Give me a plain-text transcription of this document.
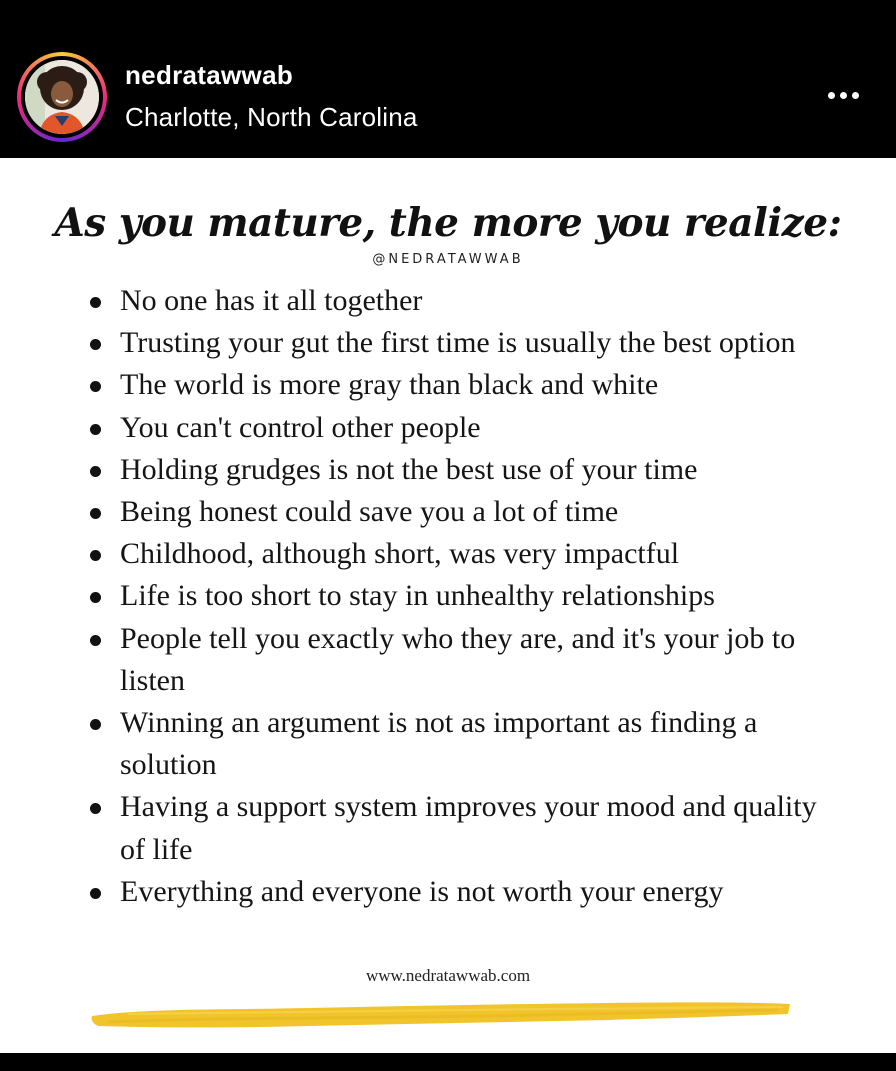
nedratawwab
Charlotte, North Carolina
As you mature, the more you realize:
@NEDRATAWWAB
No one has it all together
Trusting your gut the first time is usually the best option
The world is more gray than black and white
You can't control other people
Holding grudges is not the best use of your time
Being honest could save you a lot of time
Childhood, although short, was very impactful
Life is too short to stay in unhealthy relationships
People tell you exactly who they are, and it's your job to listen
Winning an argument is not as important as finding a solution
Having a support system improves your mood and quality of life
Everything and everyone is not worth your energy
www.nedratawwab.com
